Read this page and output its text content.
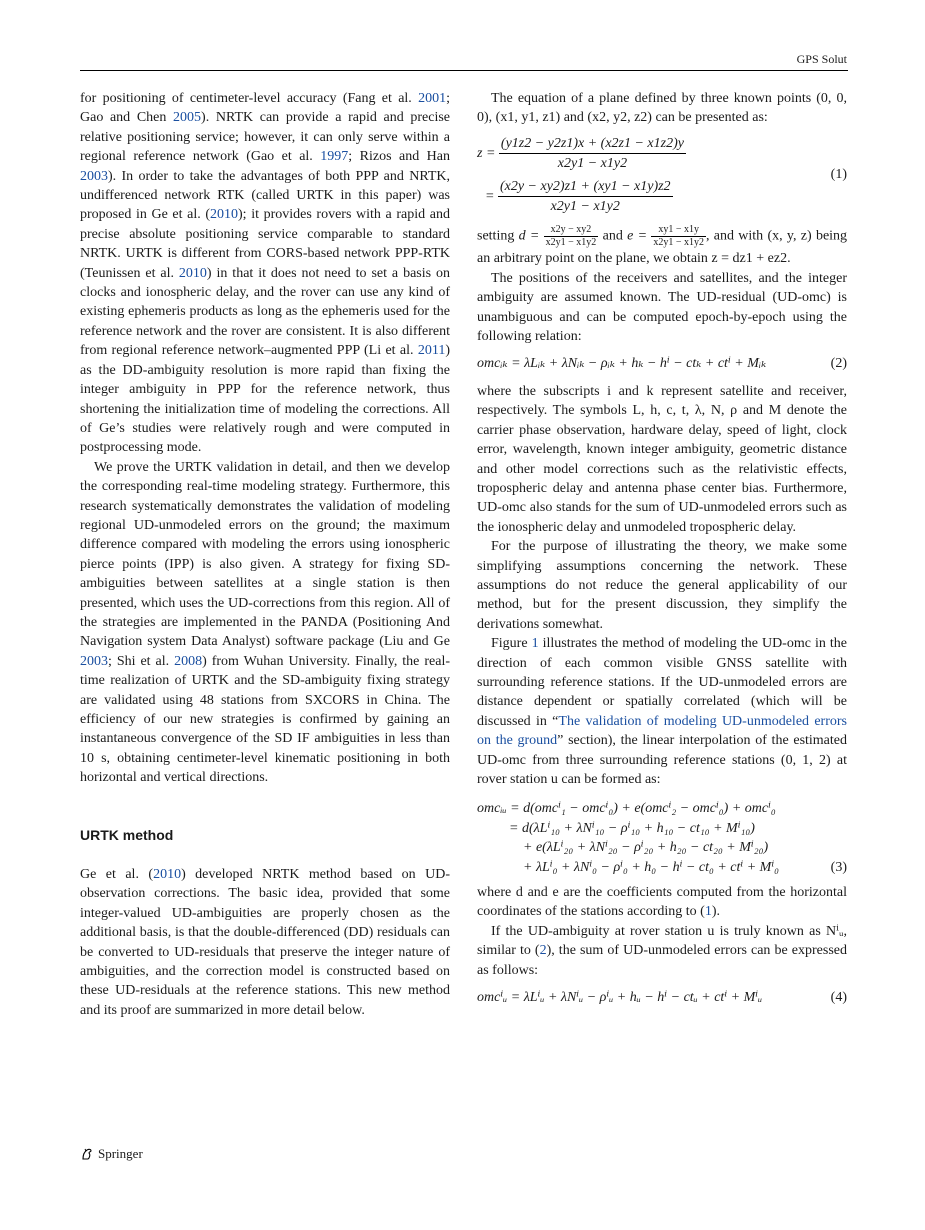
GPS Solut

for positioning of centimeter-level accuracy (Fang et al. 2001; Gao and Chen 2005). NRTK can provide a rapid and precise relative positioning service; however, it can only serve within a regional reference network (Gao et al. 1997; Rizos and Han 2003). In order to take the advantages of both PPP and NRTK, undifferenced network RTK (called URTK in this paper) was proposed in Ge et al. (2010); it provides rovers with a rapid and precise absolute positioning service comparable to standard NRTK. URTK is different from CORS-based network PPP-RTK (Teunissen et al. 2010) in that it does not need to set a basis on clocks and ionospheric delay, and the rover can use any kind of existing ephemeris products as long as the ephemeris used for the reference network and the rover are consistent. It is also different from regional reference network–augmented PPP (Li et al. 2011) as the DD-ambiguity resolution is more rapid than fixing the integer ambiguity in PPP for the reference network, thus shortening the initialization time of modeling the corrections. All of Ge’s studies were relatively rough and were computed in postprocessing mode.

We prove the URTK validation in detail, and then we develop the corresponding real-time modeling strategy. Furthermore, this research systematically demonstrates the validation of modeling regional UD-unmodeled errors on the ground; the maximum difference compared with modeling the errors using ionospheric pierce points (IPP) is also given. A strategy for fixing SD-ambiguities between satellites at a single station is then presented, which uses the UD-corrections from this region. All of the strategies are implemented in the PANDA (Positioning And Navigation system Data Analyst) software package (Liu and Ge 2003; Shi et al. 2008) from Wuhan University. Finally, the real-time realization of URTK and the SD-ambiguity fixing strategy are validated using 48 stations from SXCORS in China. The efficiency of our new strategies is confirmed by gaining an instantaneous convergence of the SD IF ambiguities in less than 10 s, obtaining centimeter-level kinematic positioning in both horizontal and vertical directions.

URTK method

Ge et al. (2010) developed NRTK method based on UD-observation corrections. The basic idea, provided that some integer-valued UD-ambiguities are properly chosen as the additional basis, is that the double-differenced (DD) residuals can be converted to UD-residuals that preserve the integer nature of ambiguities, and the correction model is constructed based on these UD-residuals at the reference stations. This new method and its proof are summarized in more detail below.

The equation of a plane defined by three known points (0, 0, 0), (x1, y1, z1) and (x2, y2, z2) can be presented as:

$z = \frac{(y1z2 - y2z1)x + (x2z1 - x1z2)y}{x2y1 - x1y2}$
= $\frac{(x2y - xy2)z1 + (xy1 - x1y)z2}{x2y1 - x1y2}$
(1)

setting $d = \frac{x2y - xy2}{x2y1 - x1y2}$ and $e = \frac{xy1 - x1y}{x2y1 - x1y2}$ , and with (x, y, z) being an arbitrary point on the plane, we obtain z = dz1 + ez2.

The positions of the receivers and satellites, and the integer ambiguity are assumed known. The UD-residual (UD-omc) is unambiguous and can be computed epoch-by-epoch using the following relation:

omcᵢₖ = λLᵢₖ + λNᵢₖ − ρᵢₖ + hₖ − hⁱ − ctₖ + ctⁱ + Mᵢₖ	(2)

where the subscripts i and k represent satellite and receiver, respectively. The symbols L, h, c, t, λ, N, ρ and M denote the carrier phase observation, hardware delay, speed of light, clock error, wavelength, known integer ambiguity, geometric distance and other model corrections such as the relativistic effects, tropospheric delay and antenna phase center bias. Furthermore, UD-omc also stands for the sum of UD-unmodeled errors such as the ionospheric delay and unmodeled tropospheric delay.

For the purpose of illustrating the theory, we make some simplifying assumptions concerning the network. These assumptions do not reduce the general applicability of our method, but for the present discussion, they simplify the derivations somewhat.

Figure 1 illustrates the method of modeling the UD-omc in the direction of each common visible GNSS satellite with surrounding reference stations. If the UD-unmodeled errors are distance dependent or spatially correlated (which will be discussed in “The validation of modeling UD-unmodeled errors on the ground” section), the linear interpolation of the estimated UD-omc from three surrounding reference stations (0, 1, 2) at rover station u can be formed as:

omcᵢᵤ = d(omcⁱ₁ − omcⁱ₀) + e(omcⁱ₂ − omcⁱ₀) + omcⁱ₀
= d(λLⁱ₁₀ + λNⁱ₁₀ − ρⁱ₁₀ + h₁₀ − ct₁₀ + Mⁱ₁₀)
+ e(λLⁱ₂₀ + λNⁱ₂₀ − ρⁱ₂₀ + h₂₀ − ct₂₀ + Mⁱ₂₀)
+ λLⁱ₀ + λNⁱ₀ − ρⁱ₀ + h₀ − hⁱ − ct₀ + ctⁱ + Mⁱ₀	(3)

where d and e are the coefficients computed from the horizontal coordinates of the stations according to (1).

If the UD-ambiguity at rover station u is truly known as Nⁱᵤ, similar to (2), the sum of UD-unmodeled errors can be expressed as follows:

omcⁱᵤ = λLⁱᵤ + λNⁱᵤ − ρⁱᵤ + hᵤ − hⁱ − ctᵤ + ctⁱ + Mⁱᵤ	(4)
Springer
